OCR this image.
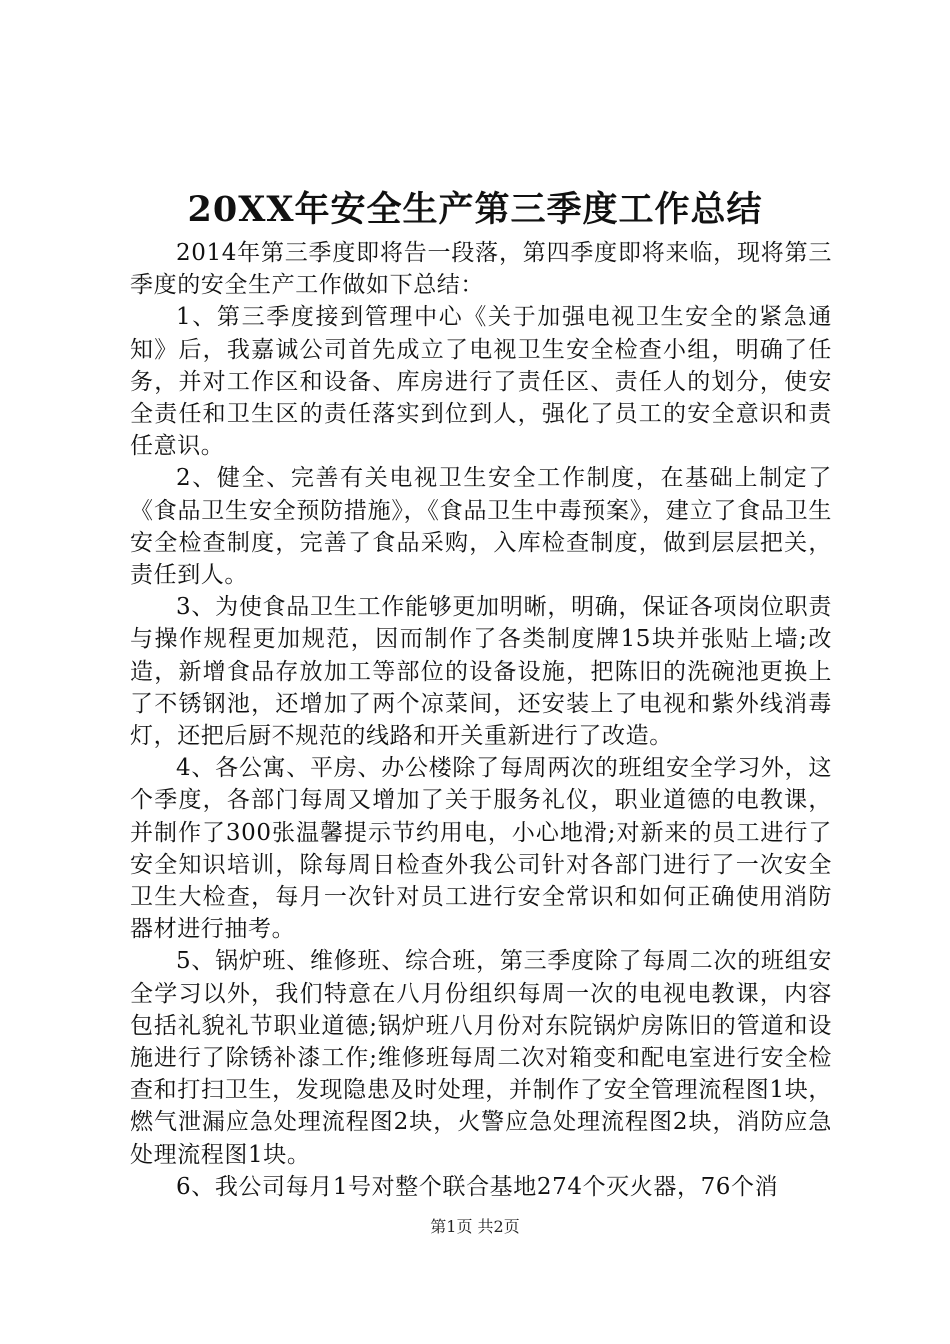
20XX年安全生产第三季度工作总结

2014年第三季度即将告一段落，第四季度即将来临，现将第三季度的安全生产工作做如下总结：

1、第三季度接到管理中心《关于加强电视卫生安全的紧急通知》后，我嘉诚公司首先成立了电视卫生安全检查小组，明确了任务，并对工作区和设备、库房进行了责任区、责任人的划分，使安全责任和卫生区的责任落实到位到人，强化了员工的安全意识和责任意识。

2、健全、完善有关电视卫生安全工作制度，在基础上制定了《食品卫生安全预防措施》，《食品卫生中毒预案》，建立了食品卫生安全检查制度，完善了食品采购，入库检查制度，做到层层把关，责任到人。

3、为使食品卫生工作能够更加明晰，明确，保证各项岗位职责与操作规程更加规范，因而制作了各类制度牌15块并张贴上墙;改造，新增食品存放加工等部位的设备设施，把陈旧的洗碗池更换上了不锈钢池，还增加了两个凉菜间，还安装上了电视和紫外线消毒灯，还把后厨不规范的线路和开关重新进行了改造。

4、各公寓、平房、办公楼除了每周两次的班组安全学习外，这个季度，各部门每周又增加了关于服务礼仪，职业道德的电教课，并制作了300张温馨提示节约用电，小心地滑;对新来的员工进行了安全知识培训，除每周日检查外我公司针对各部门进行了一次安全卫生大检查，每月一次针对员工进行安全常识和如何正确使用消防器材进行抽考。

5、锅炉班、维修班、综合班，第三季度除了每周二次的班组安全学习以外，我们特意在八月份组织每周一次的电视电教课，内容包括礼貌礼节职业道德;锅炉班八月份对东院锅炉房陈旧的管道和设施进行了除锈补漆工作;维修班每周二次对箱变和配电室进行安全检查和打扫卫生，发现隐患及时处理，并制作了安全管理流程图1块，燃气泄漏应急处理流程图2块，火警应急处理流程图2块，消防应急处理流程图1块。

6、我公司每月1号对整个联合基地274个灭火器，76个消

第1页 共2页
